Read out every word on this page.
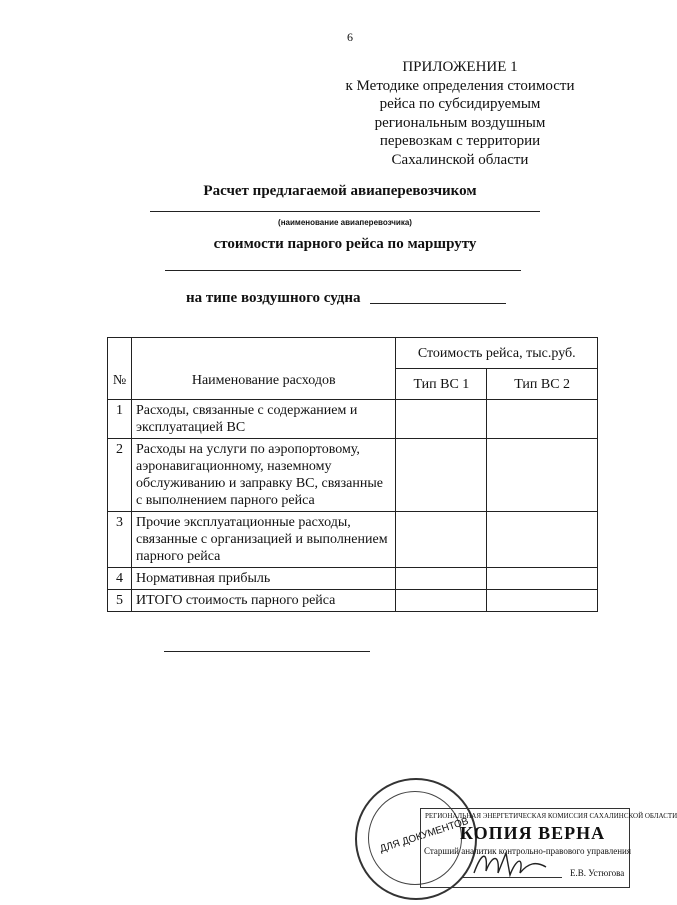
6
ПРИЛОЖЕНИЕ 1
к Методике определения стоимости
рейса по субсидируемым
региональным воздушным
перевозкам с территории
Сахалинской области
Расчет предлагаемой авиаперевозчиком
(наименование авиаперевозчика)
стоимости парного рейса по маршруту
на типе воздушного судна
№	Наименование расходов	Стоимость рейса, тыс.руб.	
		Тип ВС 1	Тип ВС 2
1	Расходы, связанные с содержанием и эксплуатацией ВС		
2	Расходы на услуги по аэропортовому, аэронавигационному, наземному обслуживанию и заправку ВС, связанные с выполнением парного рейса		
3	Прочие эксплуатационные расходы, связанные с организацией и выполнением парного рейса		
4	Нормативная прибыль		
5	ИТОГО стоимость парного рейса		
ДЛЯ ДОКУМЕНТОВ
РЕГИОНАЛЬНАЯ ЭНЕРГЕТИЧЕСКАЯ КОМИССИЯ САХАЛИНСКОЙ ОБЛАСТИ
КОПИЯ ВЕРНА
Старший аналитик контрольно-правового управления
Е.В. Устюгова
